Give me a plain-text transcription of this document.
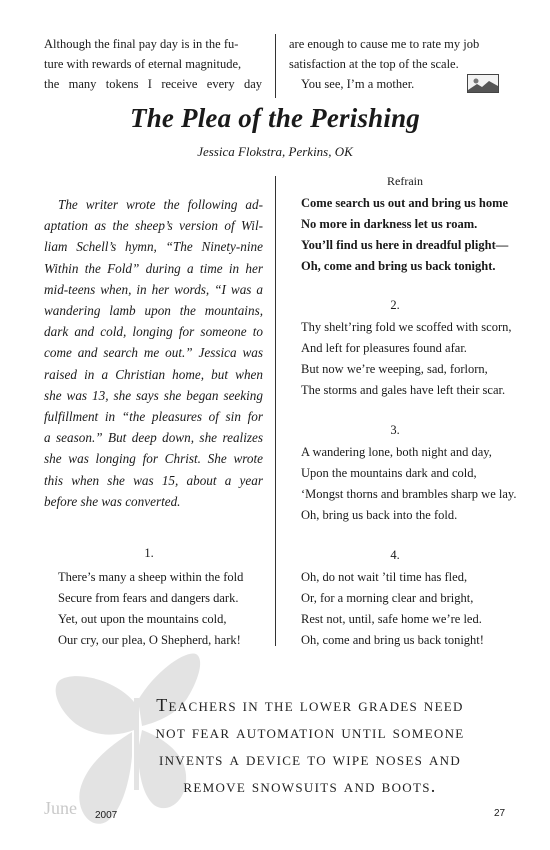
Although the final pay day is in the fu-
ture with rewards of eternal magnitude,
the many tokens I receive every day
are enough to cause me to rate my job
satisfaction at the top of the scale.
You see, I’m a mother.
The Plea of the Perishing
Jessica Flokstra, Perkins, OK
The writer wrote the following ad-
aptation as the sheep’s version of Wil-
liam Schell’s hymn, “The Ninety-nine
Within the Fold” during a time in her
mid-teens when, in her words, “I was a
wandering lamb upon the mountains,
dark and cold, longing for someone to
come and search me out.” Jessica was
raised in a Christian home, but when
she was 13, she says she began seeking
fulfillment in “the pleasures of sin for
a season.” But deep down, she realizes
she was longing for Christ. She wrote
this when she was 15, about a year
before she was converted.
Refrain
Come search us out and bring us home
No more in darkness let us roam.
You’ll find us here in dreadful plight—
Oh, come and bring us back tonight.
2.
Thy shelt’ring fold we scoffed with scorn,
And left for pleasures found afar.
But now we’re weeping, sad, forlorn,
The storms and gales have left their scar.
3.
A wandering lone, both night and day,
Upon the mountains dark and cold,
‘Mongst thorns and brambles sharp we lay.
Oh, bring us back into the fold.
4.
Oh, do not wait ’til time has fled,
Or, for a morning clear and bright,
Rest not, until, safe home we’re led.
Oh, come and bring us back tonight!
1.
There’s many a sheep within the fold
Secure from fears and dangers dark.
Yet, out upon the mountains cold,
Our cry, our plea, O Shepherd, hark!
Teachers in the lower grades need
not fear automation until someone
invents a device to wipe noses and
remove snowsuits and boots.
June 2007	27
